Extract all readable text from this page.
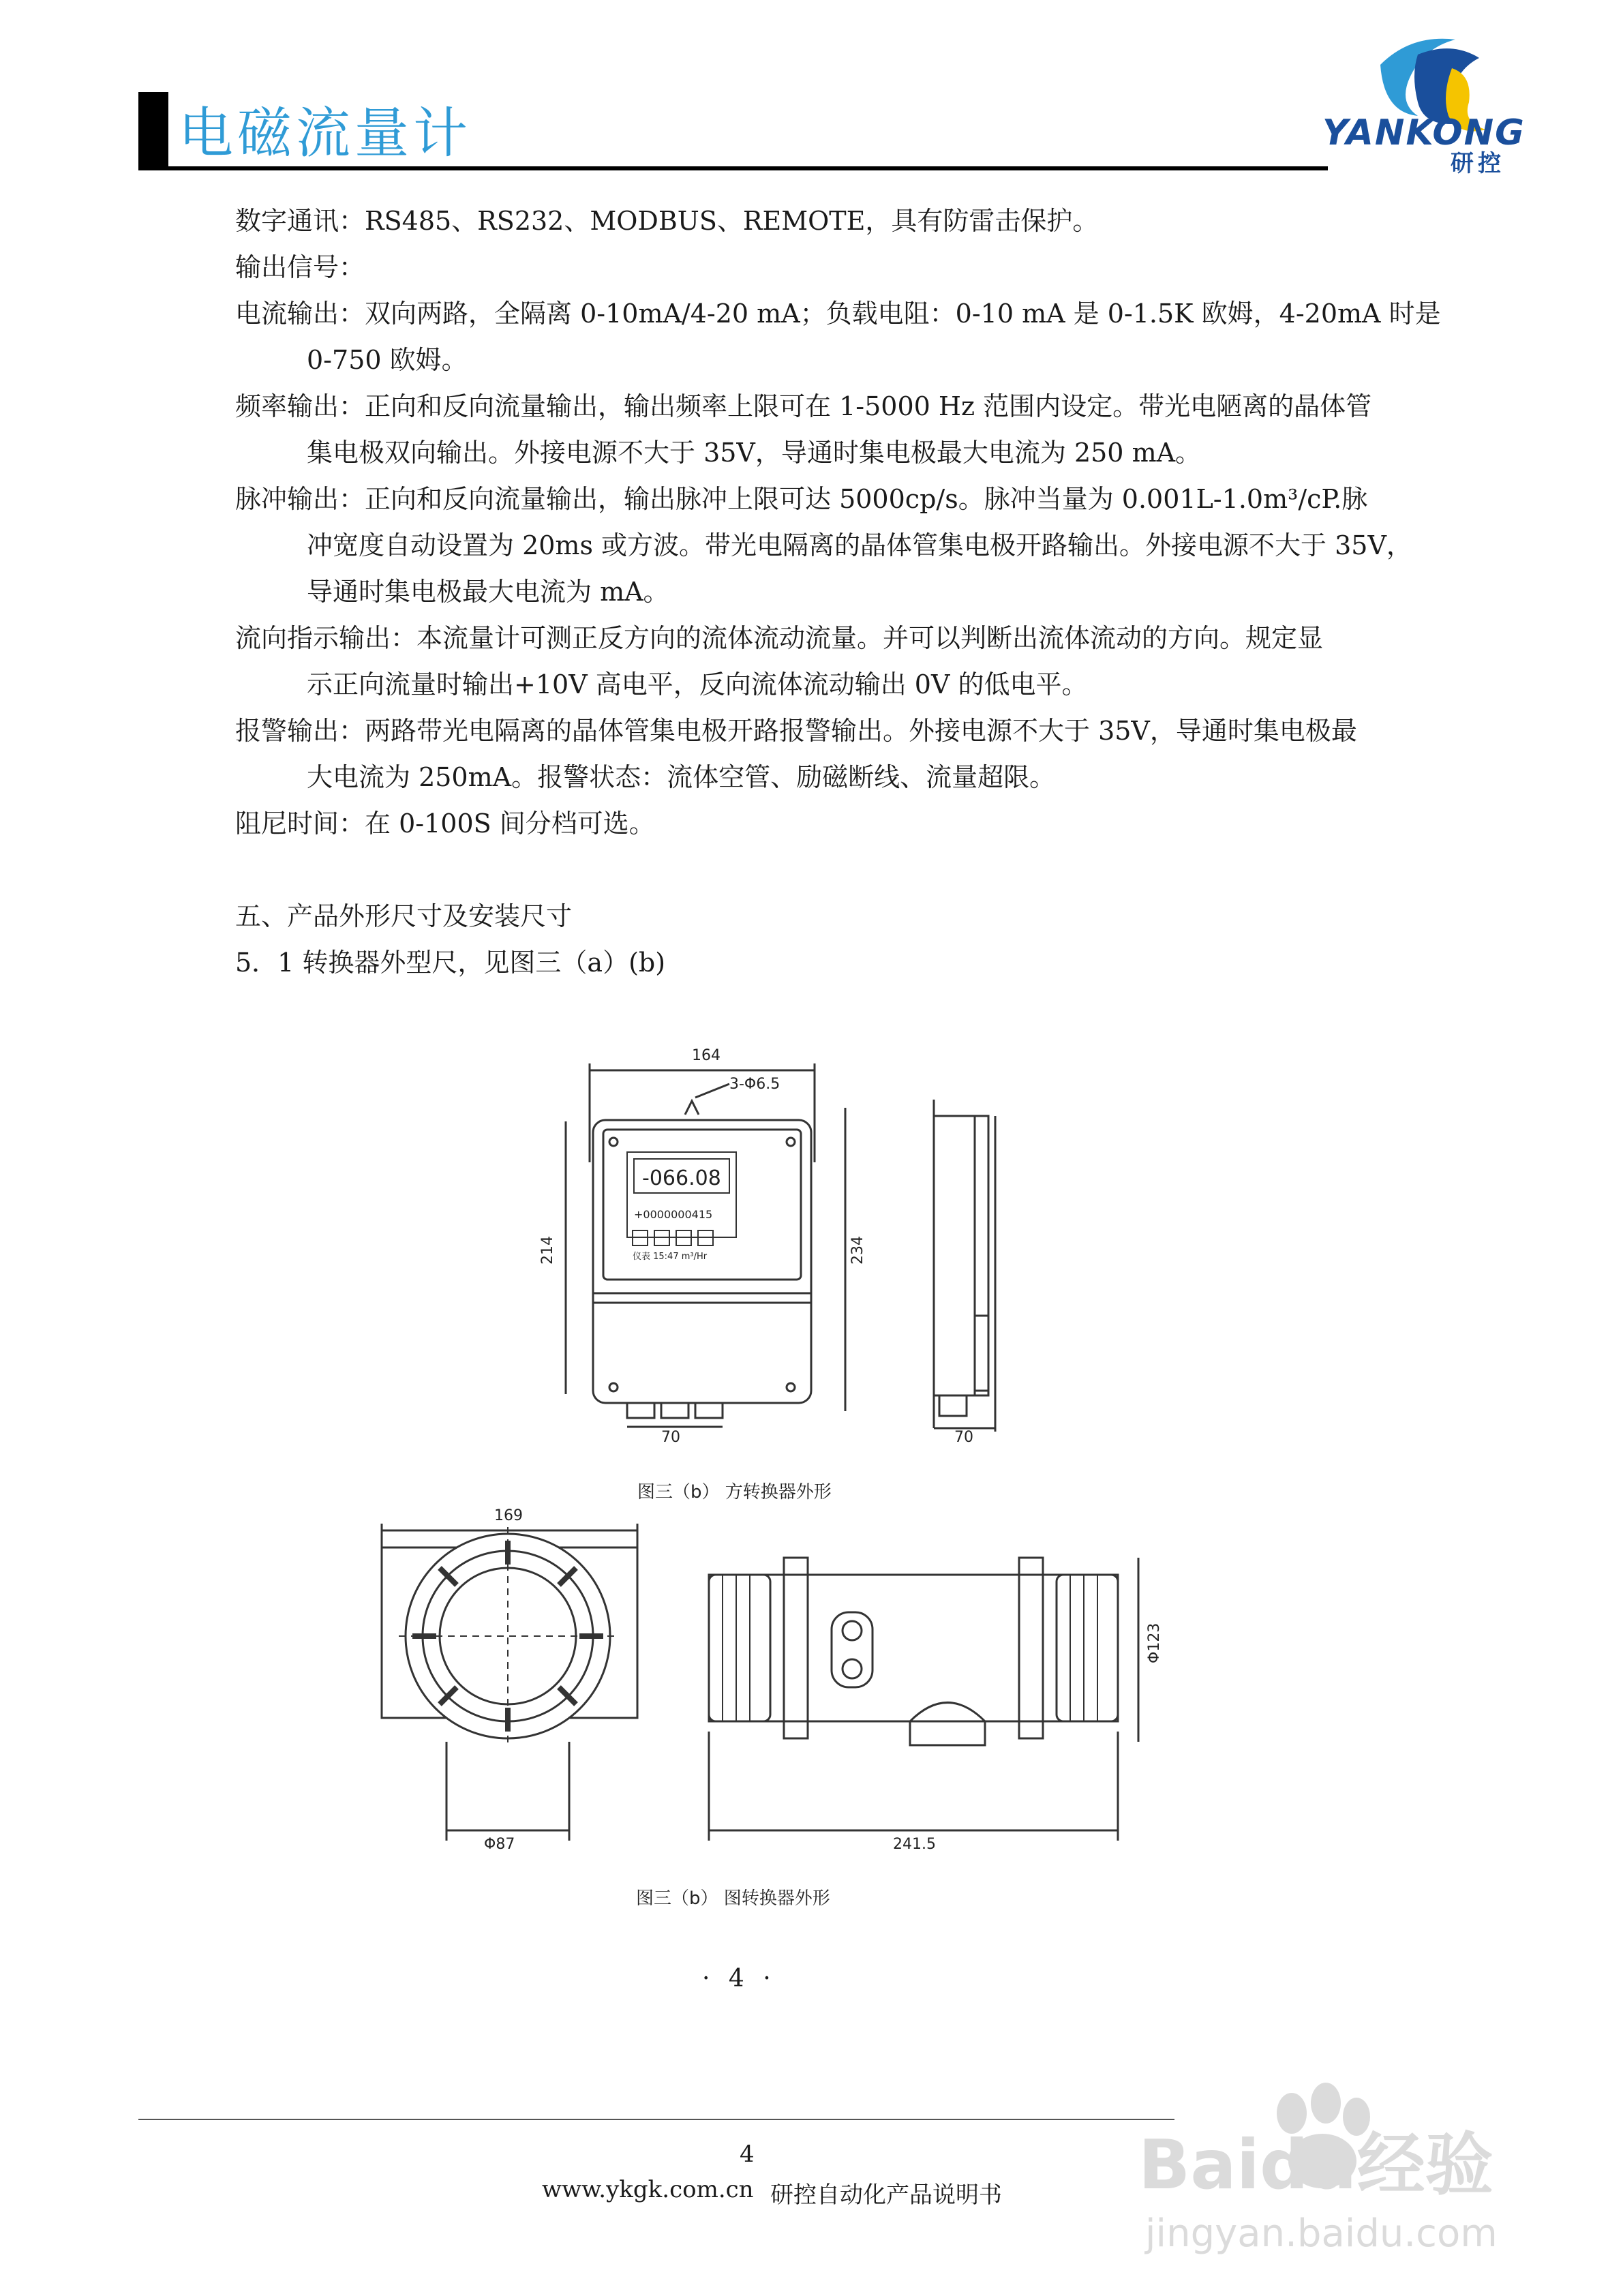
电磁流量计	YANKONG
研控

数字通讯：RS485、RS232、MODBUS、REMOTE，具有防雷击保护。

输出信号：

电流输出：双向两路，全隔离 0-10mA/4-20 mA；负载电阻：0-10 mA 是 0-1.5K 欧姆，4-20mA 时是

0-750 欧姆。

频率输出：正向和反向流量输出，输出频率上限可在 1-5000 Hz 范围内设定。带光电陋离的晶体管

集电极双向输出。外接电源不大于 35V，导通时集电极最大电流为 250 mA。

脉冲输出：正向和反向流量输出，输出脉冲上限可达 5000cp/s。脉冲当量为 0.001L-1.0m³/cP.脉

冲宽度自动设置为 20ms 或方波。带光电隔离的晶体管集电极开路输出。外接电源不大于 35V，
导通时集电极最大电流为 mA。

流向指示输出：本流量计可测正反方向的流体流动流量。并可以判断出流体流动的方向。规定显

示正向流量时输出+10V 高电平，反向流体流动输出 0V 的低电平。

报警输出：两路带光电隔离的晶体管集电极开路报警输出。外接电源不大于 35V，导通时集电极最

大电流为 250mA。报警状态：流体空管、励磁断线、流量超限。

阻尼时间：在 0-100S 间分档可选。

五、产品外形尺寸及安装尺寸

5．1 转换器外型尺，见图三（a）(b)

164
3-Φ6.5
214	234
-066.08
+0000000415
仪表 15:47 m³/Hr
70	70
图三（b） 方转换器外形
169
Φ87
Φ123
241.5
图三（b） 图转换器外形
· 4 ·
4
www.ykgk.com.cn 研控自动化产品说明书 Baidu经验
jingyan.baidu.com
